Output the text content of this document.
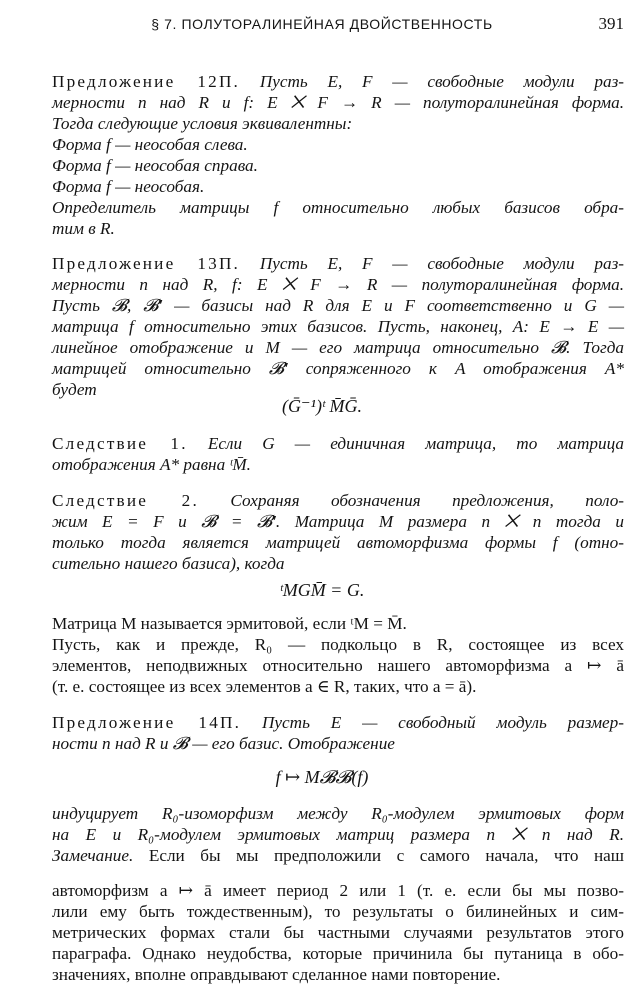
§ 7. ПОЛУТОРАЛИНЕЙНАЯ ДВОЙСТВЕННОСТЬ	391
Предложение 12П. Пусть E, F — свободные модули раз-
мерности n над R и f: E ⨉ F → R — полуторалинейная форма.
Тогда следующие условия эквивалентны:
Форма f — неособая слева.
Форма f — неособая справа.
Форма f — неособая.
Определитель матрицы f относительно любых базисов обра-
тим в R.
Предложение 13П. Пусть E, F — свободные модули раз-
мерности n над R, f: E ⨉ F → R — полуторалинейная форма.
Пусть 𝓑, 𝓑′ — базисы над R для E и F соответственно и G —
матрица f относительно этих базисов. Пусть, наконец, A: E → E —
линейное отображение и M — его матрица относительно 𝓑. Тогда
матрицей относительно 𝓑′ сопряженного к A отображения A*
будет
(Ḡ⁻¹)ᵗ M̄Ḡ.
Следствие 1. Если G — единичная матрица, то матрица
отображения A* равна ᵗM̄.
Следствие 2. Сохраняя обозначения предложения, поло-
жим E = F и 𝓑 = 𝓑′. Матрица M размера n ⨉ n тогда и
только тогда является матрицей автоморфизма формы f (отно-
сительно нашего базиса), когда
ᵗMGM̄ = G.
Матрица M называется эрмитовой, если ᵗM = M̄.
Пусть, как и прежде, R₀ — подкольцо в R, состоящее из всех
элементов, неподвижных относительно нашего автоморфизма a ↦ ā
(т. е. состоящее из всех элементов a ∈ R, таких, что a = ā).
Предложение 14П. Пусть E — свободный модуль размер-
ности n над R и 𝓑 — его базис. Отображение
f ↦ M𝓑𝓑(f)
индуцирует R₀-изоморфизм между R₀-модулем эрмитовых форм
на E и R₀-модулем эрмитовых матриц размера n ⨉ n над R.
Замечание. Если бы мы предположили с самого начала, что наш
автоморфизм a ↦ ā имеет период 2 или 1 (т. е. если бы мы позво-
лили ему быть тождественным), то результаты о билинейных и сим-
метрических формах стали бы частными случаями результатов этого
параграфа. Однако неудобства, которые причинила бы путаница в обо-
значениях, вполне оправдывают сделанное нами повторение.
